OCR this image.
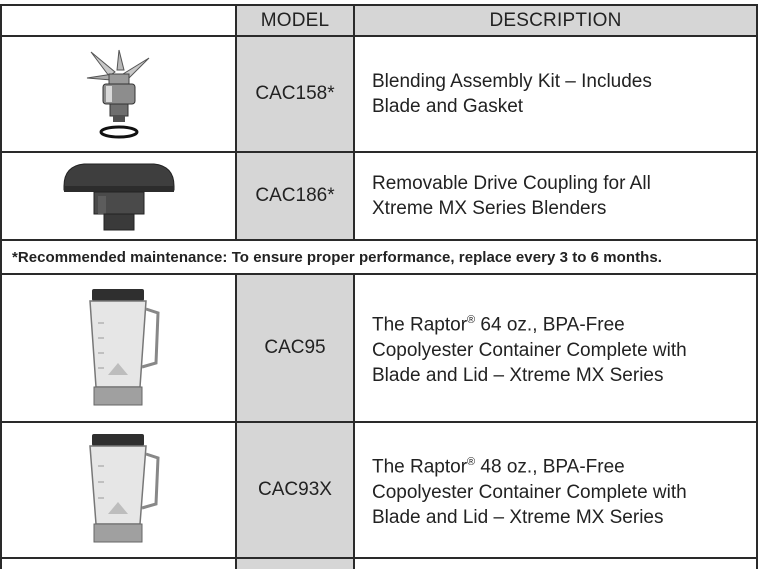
	MODEL	DESCRIPTION

	CAC158*	Blending Assembly Kit – Includes
Blade and Gasket

	CAC186*	Removable Drive Coupling for All
Xtreme MX Series Blenders

*Recommended maintenance: To ensure proper performance, replace every 3 to 6 months.		

	CAC95	The Raptor® 64 oz., BPA-Free
Copolyester Container Complete with
Blade and Lid – Xtreme MX Series

	CAC93X	The Raptor® 48 oz., BPA-Free
Copolyester Container Complete with
Blade and Lid – Xtreme MX Series
